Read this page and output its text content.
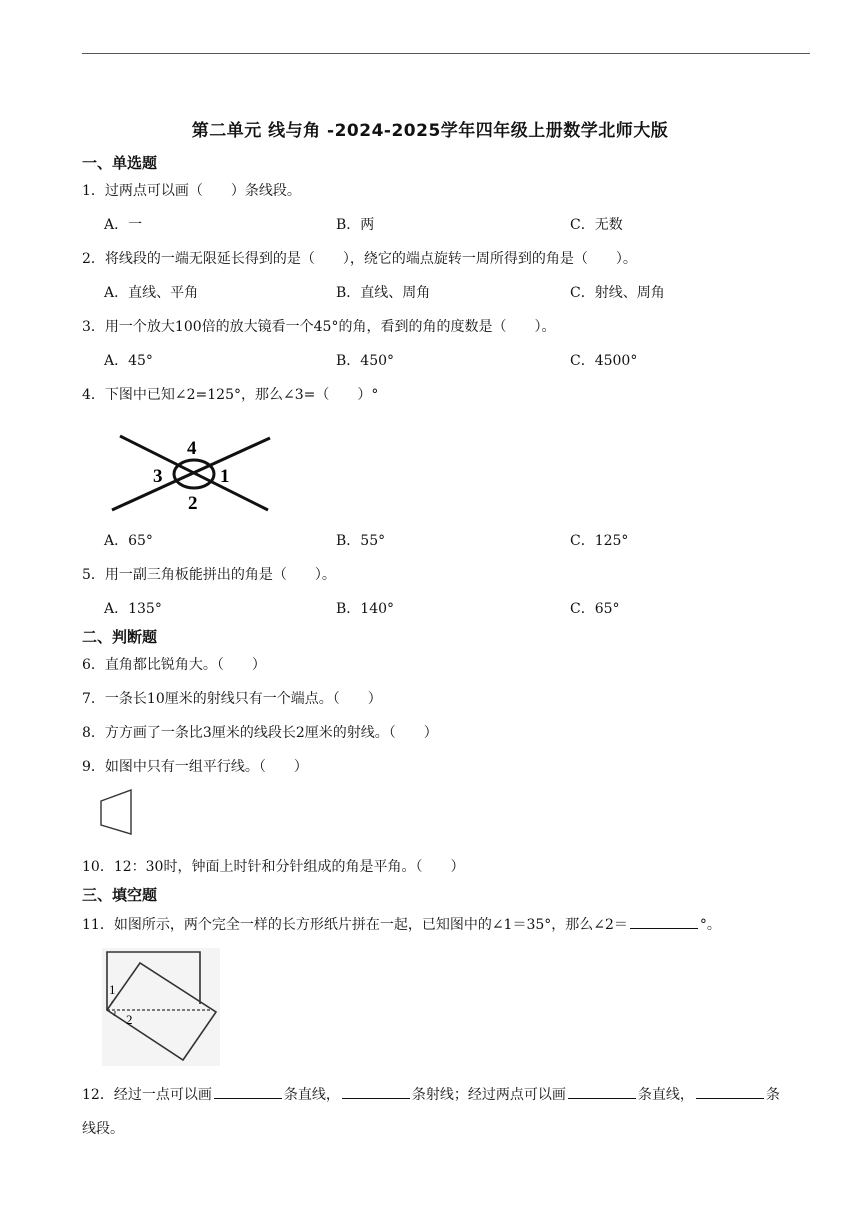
第二单元 线与角 -2024-2025学年四年级上册数学北师大版
一、单选题
1．过两点可以画（　　）条线段。
A．一	B．两	C．无数
2．将线段的一端无限延长得到的是（　　），绕它的端点旋转一周所得到的角是（　　）。
A．直线、平角	B．直线、周角	C．射线、周角
3．用一个放大100倍的放大镜看一个45°的角，看到的角的度数是（　　）。
A．45°	B．450°	C．4500°
4．下图中已知∠2=125°，那么∠3=（　　）°
4
3	1
2
A．65°	B．55°	C．125°
5．用一副三角板能拼出的角是（　　）。
A．135°	B．140°	C．65°
二、判断题
6．直角都比锐角大。（　　）
7．一条长10厘米的射线只有一个端点。（　　）
8．方方画了一条比3厘米的线段长2厘米的射线。（　　）
9．如图中只有一组平行线。（　　）
10．12：30时，钟面上时针和分针组成的角是平角。（　　）
三、填空题
11．如图所示，两个完全一样的长方形纸片拼在一起，已知图中的∠1＝35°，那么∠2＝	°。
1
2
12．经过一点可以画	条直线，	条射线；经过两点可以画	条直线，	条
线段。
